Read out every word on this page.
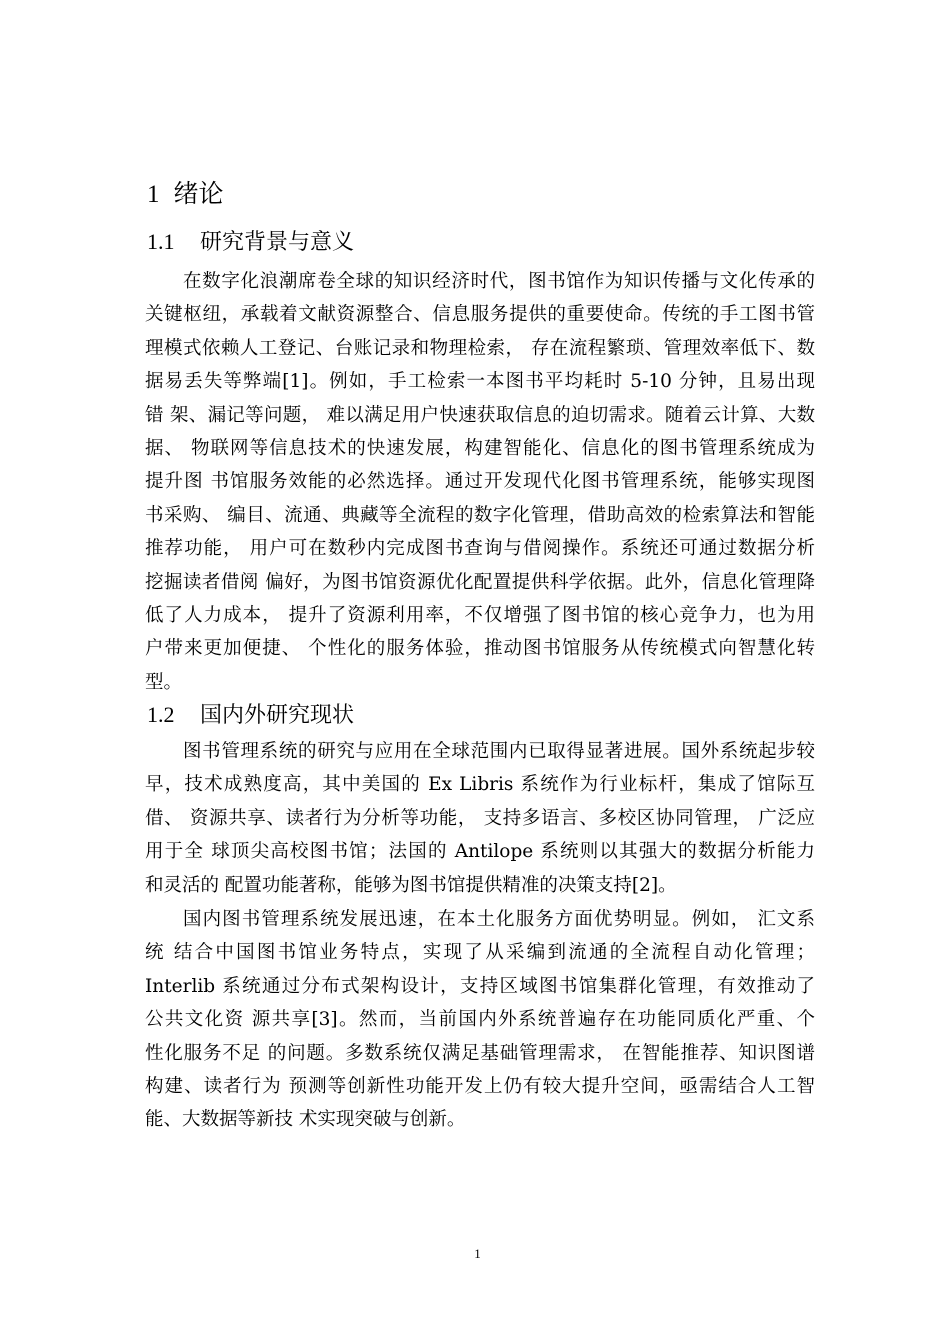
1 绪论
1.1 研究背景与意义
在数字化浪潮席卷全球的知识经济时代，图书馆作为知识传播与文化传承的
关键枢纽，承载着文献资源整合、信息服务提供的重要使命。传统的手工图书管
理模式依赖人工登记、台账记录和物理检索， 存在流程繁琐、管理效率低下、数
据易丢失等弊端[1]。例如，手工检索一本图书平均耗时 5-10 分钟，且易出现
错 架、漏记等问题， 难以满足用户快速获取信息的迫切需求。随着云计算、大数
据、 物联网等信息技术的快速发展，构建智能化、信息化的图书管理系统成为
提升图 书馆服务效能的必然选择。通过开发现代化图书管理系统，能够实现图
书采购、 编目、流通、典藏等全流程的数字化管理，借助高效的检索算法和智能
推荐功能， 用户可在数秒内完成图书查询与借阅操作。系统还可通过数据分析
挖掘读者借阅 偏好，为图书馆资源优化配置提供科学依据。此外，信息化管理降
低了人力成本， 提升了资源利用率，不仅增强了图书馆的核心竞争力，也为用
户带来更加便捷、 个性化的服务体验，推动图书馆服务从传统模式向智慧化转
型。
1.2 国内外研究现状
图书管理系统的研究与应用在全球范围内已取得显著进展。国外系统起步较
早，技术成熟度高，其中美国的 Ex Libris 系统作为行业标杆，集成了馆际互
借、 资源共享、读者行为分析等功能， 支持多语言、多校区协同管理， 广泛应
用于全 球顶尖高校图书馆；法国的 Antilope 系统则以其强大的数据分析能力
和灵活的 配置功能著称，能够为图书馆提供精准的决策支持[2]。
国内图书管理系统发展迅速，在本土化服务方面优势明显。例如， 汇文系
统 结合中国图书馆业务特点，实现了从采编到流通的全流程自动化管理；
Interlib 系统通过分布式架构设计，支持区域图书馆集群化管理，有效推动了
公共文化资 源共享[3]。然而，当前国内外系统普遍存在功能同质化严重、个
性化服务不足 的问题。多数系统仅满足基础管理需求， 在智能推荐、知识图谱
构建、读者行为 预测等创新性功能开发上仍有较大提升空间，亟需结合人工智
能、大数据等新技 术实现突破与创新。
1
